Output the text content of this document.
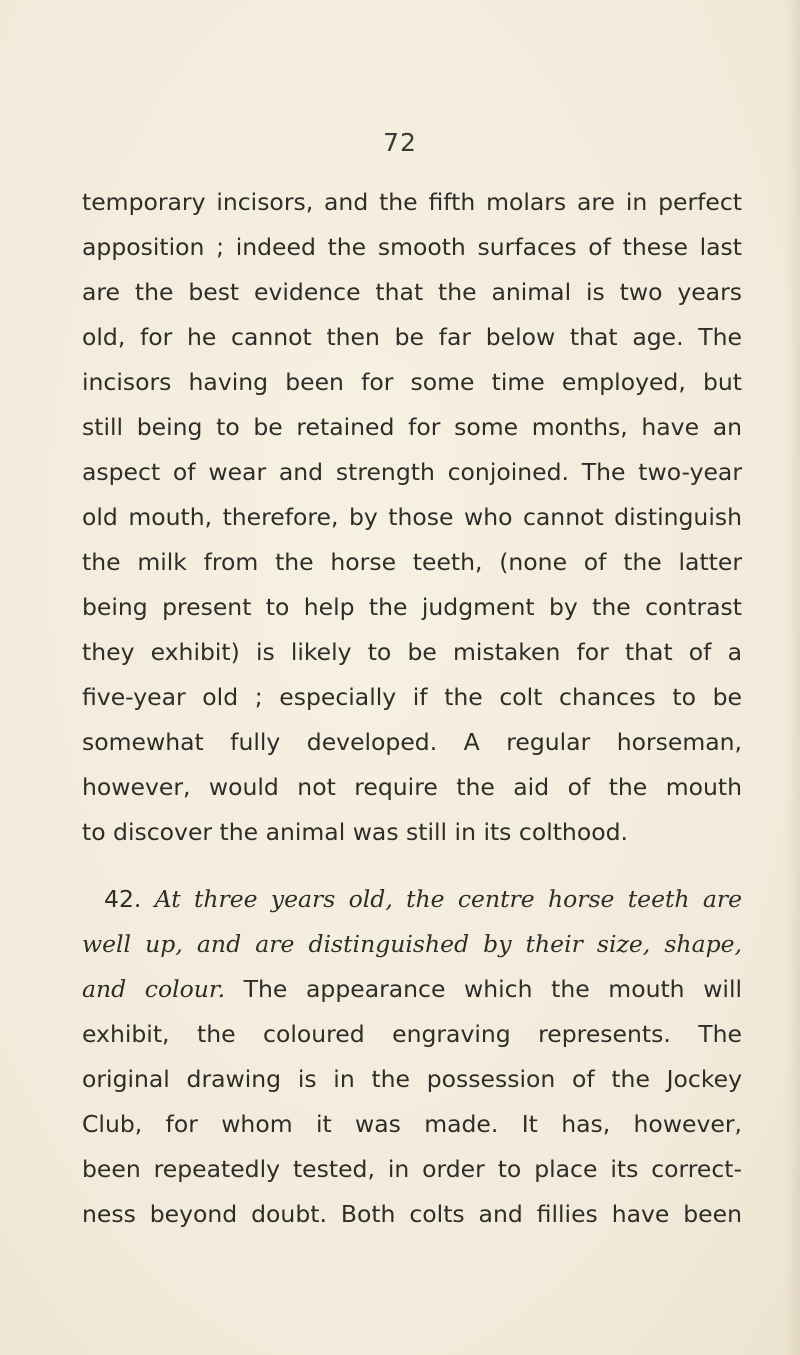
72
temporary incisors, and the fifth molars are in perfect
apposition ; indeed the smooth surfaces of these last
are the best evidence that the animal is two years
old, for he cannot then be far below that age. The
incisors having been for some time employed, but
still being to be retained for some months, have an
aspect of wear and strength conjoined. The two-year
old mouth, therefore, by those who cannot distinguish
the milk from the horse teeth, (none of the latter
being present to help the judgment by the contrast
they exhibit) is likely to be mistaken for that of a
five-year old ; especially if the colt chances to be
somewhat fully developed. A regular horseman,
however, would not require the aid of the mouth
to discover the animal was still in its colthood.
42. At three years old, the centre horse teeth are
well up, and are distinguished by their size, shape,
and colour. The appearance which the mouth will
exhibit, the coloured engraving represents. The
original drawing is in the possession of the Jockey
Club, for whom it was made. It has, however,
been repeatedly tested, in order to place its correct-
ness beyond doubt. Both colts and fillies have been
